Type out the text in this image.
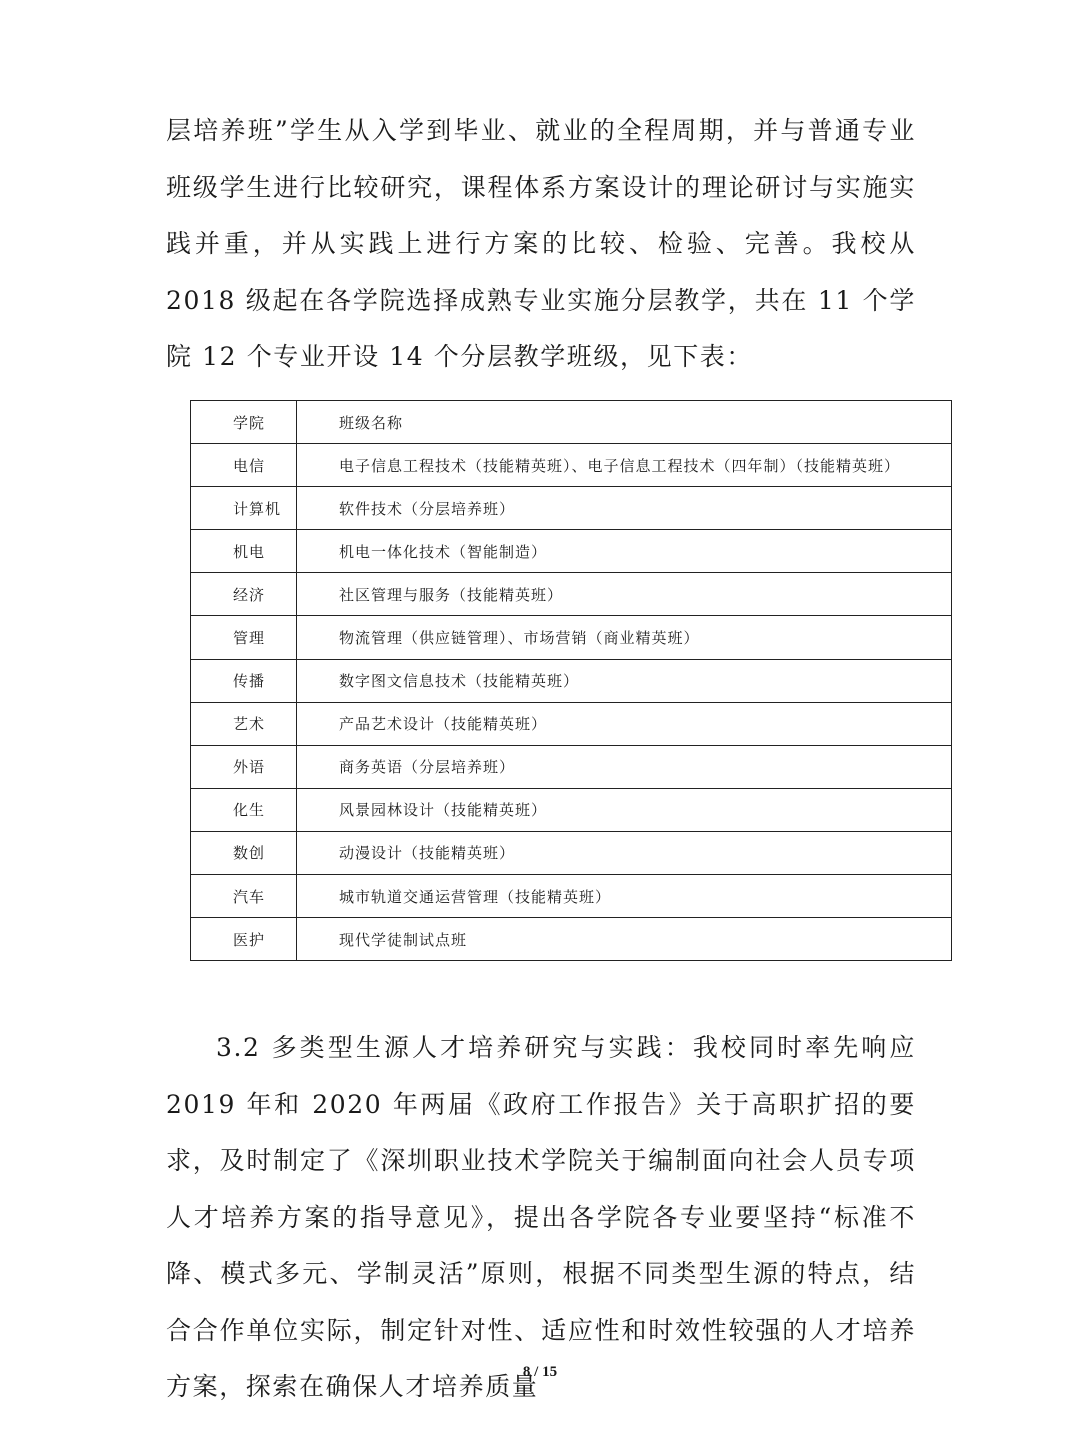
层培养班”学生从入学到毕业、就业的全程周期，并与普通专业班级学生进行比较研究，课程体系方案设计的理论研讨与实施实践并重，并从实践上进行方案的比较、检验、完善。我校从 2018 级起在各学院选择成熟专业实施分层教学，共在 11 个学院 12 个专业开设 14 个分层教学班级，见下表：

学院	班级名称
电信	电子信息工程技术（技能精英班）、电子信息工程技术（四年制）（技能精英班）
计算机	软件技术（分层培养班）
机电	机电一体化技术（智能制造）
经济	社区管理与服务（技能精英班）
管理	物流管理（供应链管理）、市场营销（商业精英班）
传播	数字图文信息技术（技能精英班）
艺术	产品艺术设计（技能精英班）
外语	商务英语（分层培养班）
化生	风景园林设计（技能精英班）
数创	动漫设计（技能精英班）
汽车	城市轨道交通运营管理（技能精英班）
医护	现代学徒制试点班

3.2 多类型生源人才培养研究与实践：我校同时率先响应 2019 年和 2020 年两届《政府工作报告》关于高职扩招的要求，及时制定了《深圳职业技术学院关于编制面向社会人员专项人才培养方案的指导意见》，提出各学院各专业要坚持“标准不降、模式多元、学制灵活”原则，根据不同类型生源的特点，结合合作单位实际，制定针对性、适应性和时效性较强的人才培养方案，探索在确保人才培养质量

8 / 15
